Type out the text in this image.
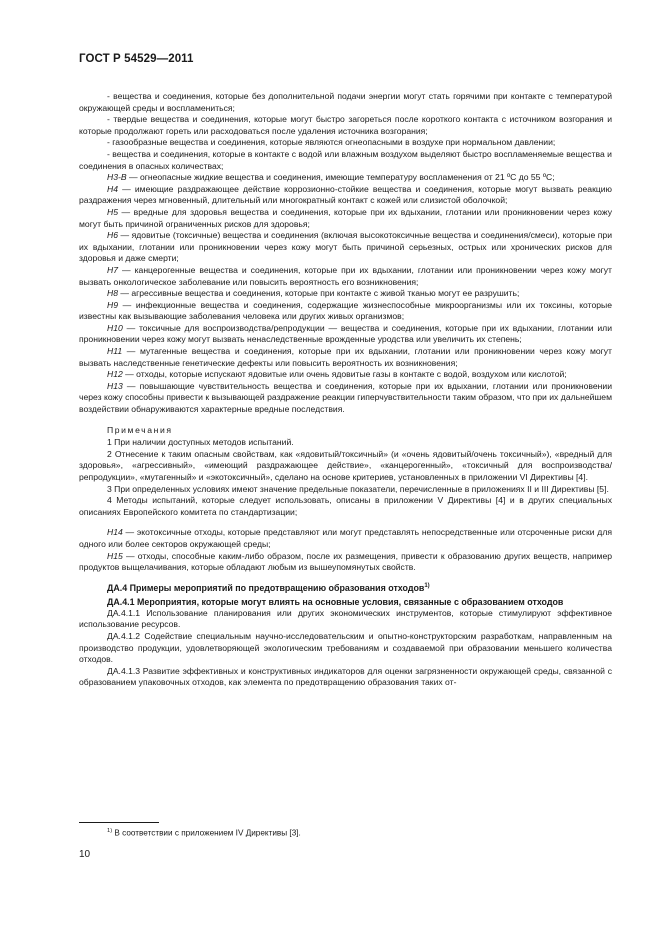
ГОСТ Р 54529—2011

- вещества и соединения, которые без дополнительной подачи энергии могут стать горячими при контакте с температурой окружающей среды и воспламениться;

- твердые вещества и соединения, которые могут быстро загореться после короткого контакта с источником возгорания и которые продолжают гореть или расходоваться после удаления источника возгорания;

- газообразные вещества и соединения, которые являются огнеопасными в воздухе при нормальном давлении;

- вещества и соединения, которые в контакте с водой или влажным воздухом выделяют быстро воспламеняемые вещества и соединения в опасных количествах;

Н3-В — огнеопасные жидкие вещества и соединения, имеющие температуру воспламенения от 21 ºC до 55 ºC;

Н4 — имеющие раздражающее действие коррозионно-стойкие вещества и соединения, которые могут вызвать реакцию раздражения через мгновенный, длительный или многократный контакт с кожей или слизистой оболочкой;

Н5 — вредные для здоровья вещества и соединения, которые при их вдыхании, глотании или проникновении через кожу могут быть причиной ограниченных рисков для здоровья;

Н6 — ядовитые (токсичные) вещества и соединения (включая высокотоксичные вещества и соединения/смеси), которые при их вдыхании, глотании или проникновении через кожу могут быть причиной серьезных, острых или хронических рисков для здоровья и даже смерти;

Н7 — канцерогенные вещества и соединения, которые при их вдыхании, глотании или проникновении через кожу могут вызвать онкологическое заболевание или повысить вероятность его возникновения;

Н8 — агрессивные вещества и соединения, которые при контакте с живой тканью могут ее разрушить;

Н9 — инфекционные вещества и соединения, содержащие жизнеспособные микроорганизмы или их токсины, которые известны как вызывающие заболевания человека или других живых организмов;

Н10 — токсичные для воспроизводства/репродукции — вещества и соединения, которые при их вдыхании, глотании или проникновении через кожу могут вызвать ненаследственные врожденные уродства или увеличить их степень;

Н11 — мутагенные вещества и соединения, которые при их вдыхании, глотании или проникновении через кожу могут вызвать наследственные генетические дефекты или повысить вероятность их возникновения;

Н12 — отходы, которые испускают ядовитые или очень ядовитые газы в контакте с водой, воздухом или кислотой;

Н13 — повышающие чувствительность вещества и соединения, которые при их вдыхании, глотании или проникновении через кожу способны привести к вызывающей раздражение реакции гиперчувствительности таким образом, что при их дальнейшем воздействии обнаруживаются характерные вредные последствия.

Примечания

1 При наличии доступных методов испытаний.

2 Отнесение к таким опасным свойствам, как «ядовитый/токсичный» (и «очень ядовитый/очень токсичный»), «вредный для здоровья», «агрессивный», «имеющий раздражающее действие», «канцерогенный», «токсичный для воспроизводства/репродукции», «мутагенный» и «экотоксичный», сделано на основе критериев, установленных в приложении VI Директивы [4].

3 При определенных условиях имеют значение предельные показатели, перечисленные в приложениях II и III Директивы [5].

4 Методы испытаний, которые следует использовать, описаны в приложении V Директивы [4] и в других специальных описаниях Европейского комитета по стандартизации;

Н14 — экотоксичные отходы, которые представляют или могут представлять непосредственные или отсроченные риски для одного или более секторов окружающей среды;

Н15 — отходы, способные каким-либо образом, после их размещения, привести к образованию других веществ, например продуктов выщелачивания, которые обладают любым из вышеупомянутых свойств.

ДА.4 Примеры мероприятий по предотвращению образования отходов$^{1)}$

ДА.4.1 Мероприятия, которые могут влиять на основные условия, связанные с образованием отходов

ДА.4.1.1 Использование планирования или других экономических инструментов, которые стимулируют эффективное использование ресурсов.

ДА.4.1.2 Содействие специальным научно-исследовательским и опытно-конструкторским разработкам, направленным на производство продукции, удовлетворяющей экологическим требованиям и создаваемой при образовании меньшего количества отходов.

ДА.4.1.3 Развитие эффективных и конструктивных индикаторов для оценки загрязненности окружающей среды, связанной с образованием упаковочных отходов, как элемента по предотвращению образования таких от-

$^{1)}$ В соответствии с приложением IV Директивы [3].
10
